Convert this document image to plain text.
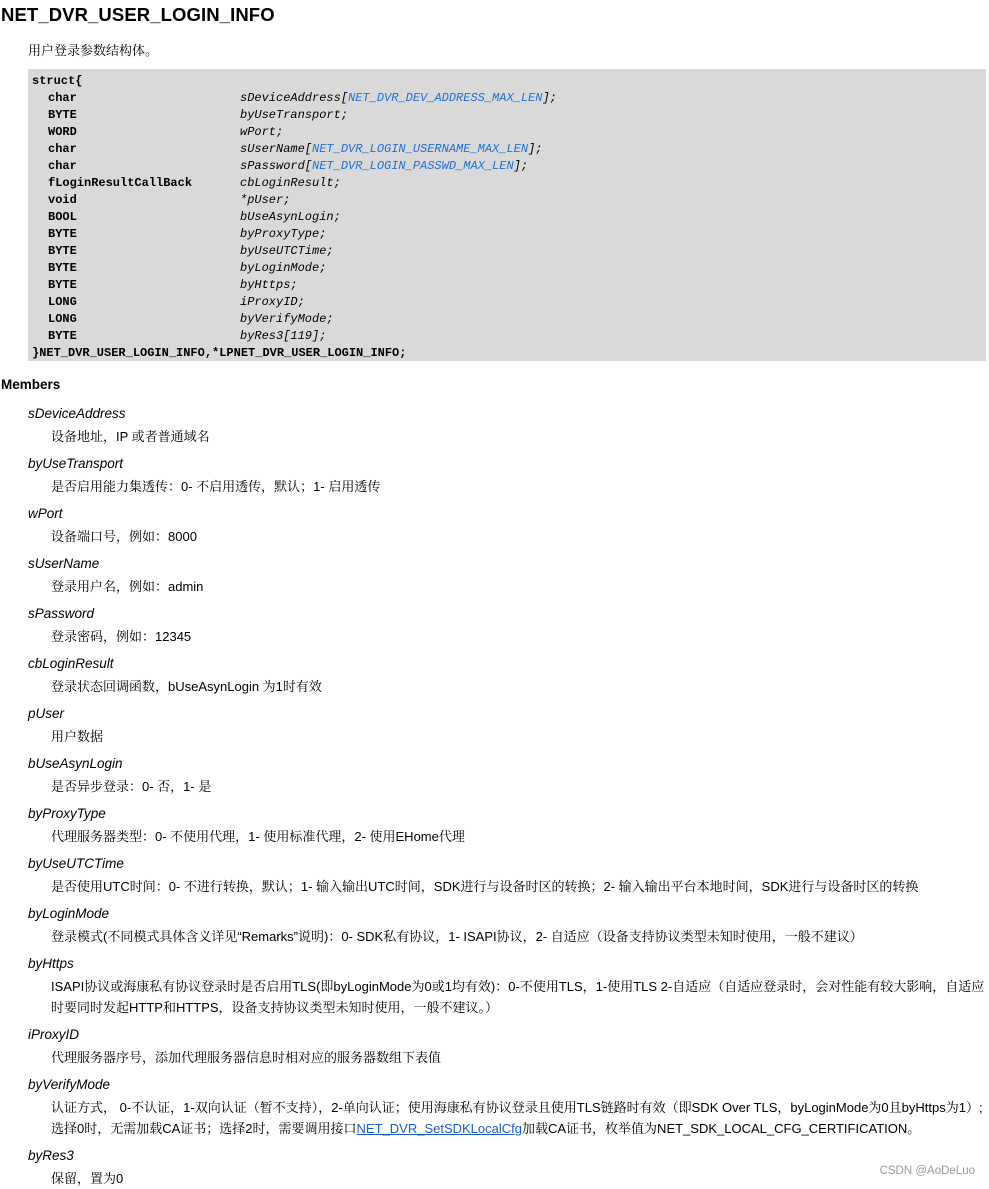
NET_DVR_USER_LOGIN_INFO
用户登录参数结构体。
struct{
char	sDeviceAddress[NET_DVR_DEV_ADDRESS_MAX_LEN];
BYTE	byUseTransport;
WORD	wPort;
char	sUserName[NET_DVR_LOGIN_USERNAME_MAX_LEN];
char	sPassword[NET_DVR_LOGIN_PASSWD_MAX_LEN];
fLoginResultCallBack	cbLoginResult;
void	*pUser;
BOOL	bUseAsynLogin;
BYTE	byProxyType;
BYTE	byUseUTCTime;
BYTE	byLoginMode;
BYTE	byHttps;
LONG	iProxyID;
LONG	byVerifyMode;
BYTE	byRes3[119];
}NET_DVR_USER_LOGIN_INFO,*LPNET_DVR_USER_LOGIN_INFO;
Members
sDeviceAddress
设备地址，IP 或者普通域名
byUseTransport
是否启用能力集透传：0- 不启用透传，默认；1- 启用透传
wPort
设备端口号，例如：8000
sUserName
登录用户名，例如：admin
sPassword
登录密码，例如：12345
cbLoginResult
登录状态回调函数，bUseAsynLogin 为1时有效
pUser
用户数据
bUseAsynLogin
是否异步登录：0- 否，1- 是
byProxyType
代理服务器类型：0- 不使用代理，1- 使用标准代理，2- 使用EHome代理
byUseUTCTime
是否使用UTC时间：0- 不进行转换，默认；1- 输入输出UTC时间，SDK进行与设备时区的转换；2- 输入输出平台本地时间，SDK进行与设备时区的转换
byLoginMode
登录模式(不同模式具体含义详见“Remarks”说明)：0- SDK私有协议，1- ISAPI协议，2- 自适应（设备支持协议类型未知时使用，一般不建议）
byHttps
ISAPI协议或海康私有协议登录时是否启用TLS(即byLoginMode为0或1均有效)：0-不使用TLS，1-使用TLS 2-自适应（自适应登录时，会对性能有较大影响，自适应时要同时发起HTTP和HTTPS，设备支持协议类型未知时使用，一般不建议。）
iProxyID
代理服务器序号，添加代理服务器信息时相对应的服务器数组下表值
byVerifyMode
认证方式， 0-不认证，1-双向认证（暂不支持），2-单向认证；使用海康私有协议登录且使用TLS链路时有效（即SDK Over TLS，byLoginMode为0且byHttps为1）;选择0时，无需加载CA证书；选择2时，需要调用接口NET_DVR_SetSDKLocalCfg加载CA证书，枚举值为NET_SDK_LOCAL_CFG_CERTIFICATION。
byRes3
保留，置为0	CSDN @AoDeLuo
